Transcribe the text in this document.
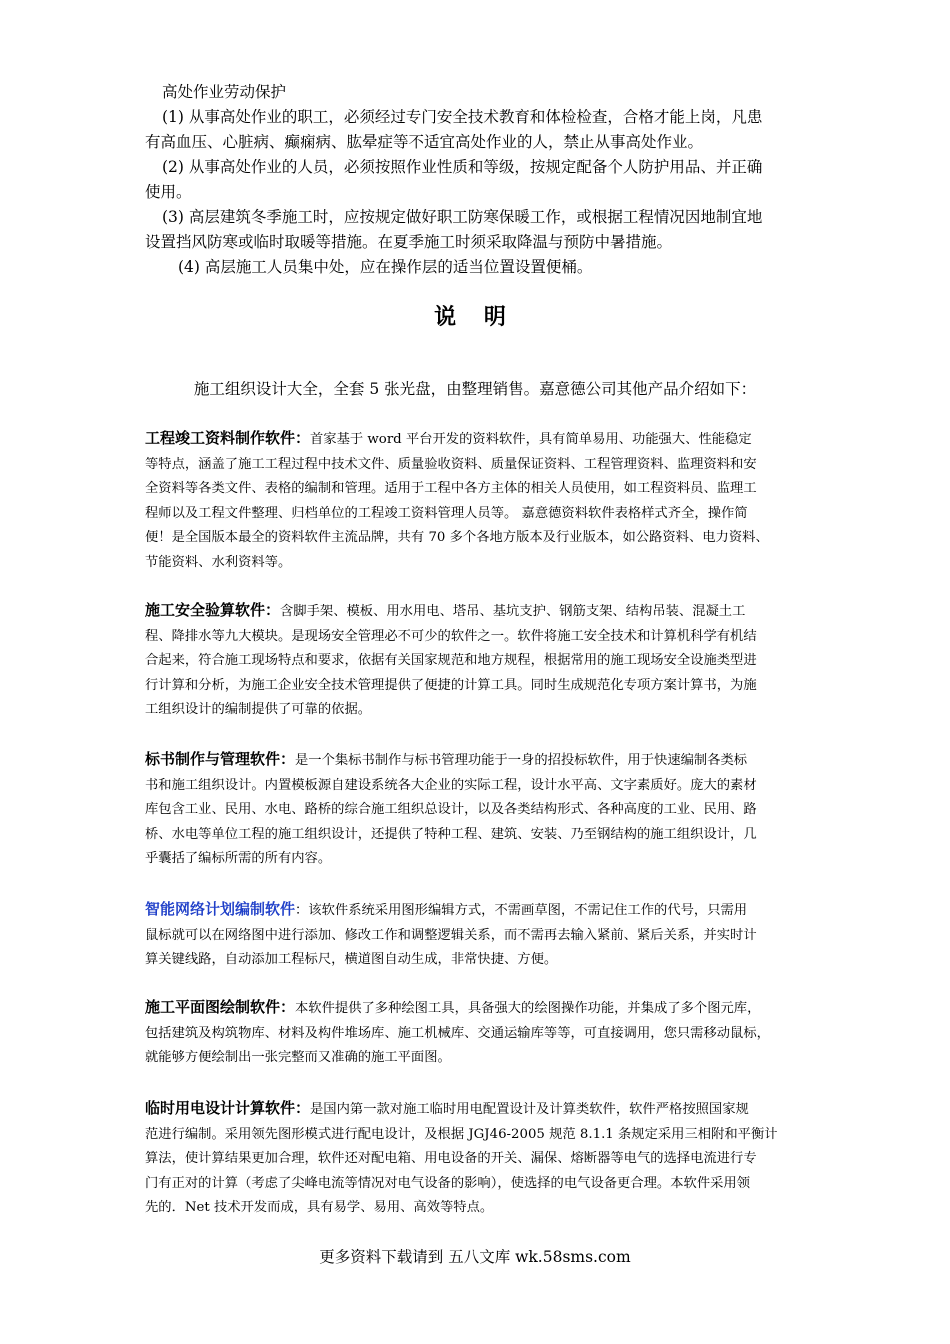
高处作业劳动保护
(1) 从事高处作业的职工，必须经过专门安全技术教育和体检检查，合格才能上岗，凡患
有高血压、心脏病、癫痫病、肱晕症等不适宜高处作业的人，禁止从事高处作业。
(2) 从事高处作业的人员，必须按照作业性质和等级，按规定配备个人防护用品、并正确
使用。
(3) 高层建筑冬季施工时，应按规定做好职工防寒保暖工作，或根据工程情况因地制宜地
设置挡风防寒或临时取暖等措施。在夏季施工时须采取降温与预防中暑措施。
(4) 高层施工人员集中处，应在操作层的适当位置设置便桶。
说 明
施工组织设计大全，全套 5 张光盘，由整理销售。嘉意德公司其他产品介绍如下：
工程竣工资料制作软件：首家基于 word 平台开发的资料软件，具有简单易用、功能强大、性能稳定
等特点，涵盖了施工工程过程中技术文件、质量验收资料、质量保证资料、工程管理资料、监理资料和安
全资料等各类文件、表格的编制和管理。适用于工程中各方主体的相关人员使用，如工程资料员、监理工
程师以及工程文件整理、归档单位的工程竣工资料管理人员等。 嘉意德资料软件表格样式齐全，操作简
便！是全国版本最全的资料软件主流品牌，共有 70 多个各地方版本及行业版本，如公路资料、电力资料、
节能资料、水利资料等。
施工安全验算软件：含脚手架、模板、用水用电、塔吊、基坑支护、钢筋支架、结构吊装、混凝土工
程、降排水等九大模块。是现场安全管理必不可少的软件之一。软件将施工安全技术和计算机科学有机结
合起来，符合施工现场特点和要求，依据有关国家规范和地方规程，根据常用的施工现场安全设施类型进
行计算和分析，为施工企业安全技术管理提供了便捷的计算工具。同时生成规范化专项方案计算书，为施
工组织设计的编制提供了可靠的依据。
标书制作与管理软件：是一个集标书制作与标书管理功能于一身的招投标软件，用于快速编制各类标
书和施工组织设计。内置模板源自建设系统各大企业的实际工程，设计水平高、文字素质好。庞大的素材
库包含工业、民用、水电、路桥的综合施工组织总设计，以及各类结构形式、各种高度的工业、民用、路
桥、水电等单位工程的施工组织设计，还提供了特种工程、建筑、安装、乃至钢结构的施工组织设计，几
乎囊括了编标所需的所有内容。
智能网络计划编制软件：该软件系统采用图形编辑方式，不需画草图，不需记住工作的代号，只需用
鼠标就可以在网络图中进行添加、修改工作和调整逻辑关系，而不需再去输入紧前、紧后关系，并实时计
算关键线路，自动添加工程标尺，横道图自动生成，非常快捷、方便。
施工平面图绘制软件：本软件提供了多种绘图工具，具备强大的绘图操作功能，并集成了多个图元库，
包括建筑及构筑物库、材料及构件堆场库、施工机械库、交通运输库等等，可直接调用，您只需移动鼠标，
就能够方便绘制出一张完整而又准确的施工平面图。
临时用电设计计算软件：是国内第一款对施工临时用电配置设计及计算类软件，软件严格按照国家规
范进行编制。采用领先图形模式进行配电设计，及根据 JGJ46-2005 规范 8.1.1 条规定采用三相附和平衡计
算法，使计算结果更加合理，软件还对配电箱、用电设备的开关、漏保、熔断器等电气的选择电流进行专
门有正对的计算（考虑了尖峰电流等情况对电气设备的影响），使选择的电气设备更合理。本软件采用领
先的．Net 技术开发而成，具有易学、易用、高效等特点。
更多资料下载请到 五八文库 wk.58sms.com
